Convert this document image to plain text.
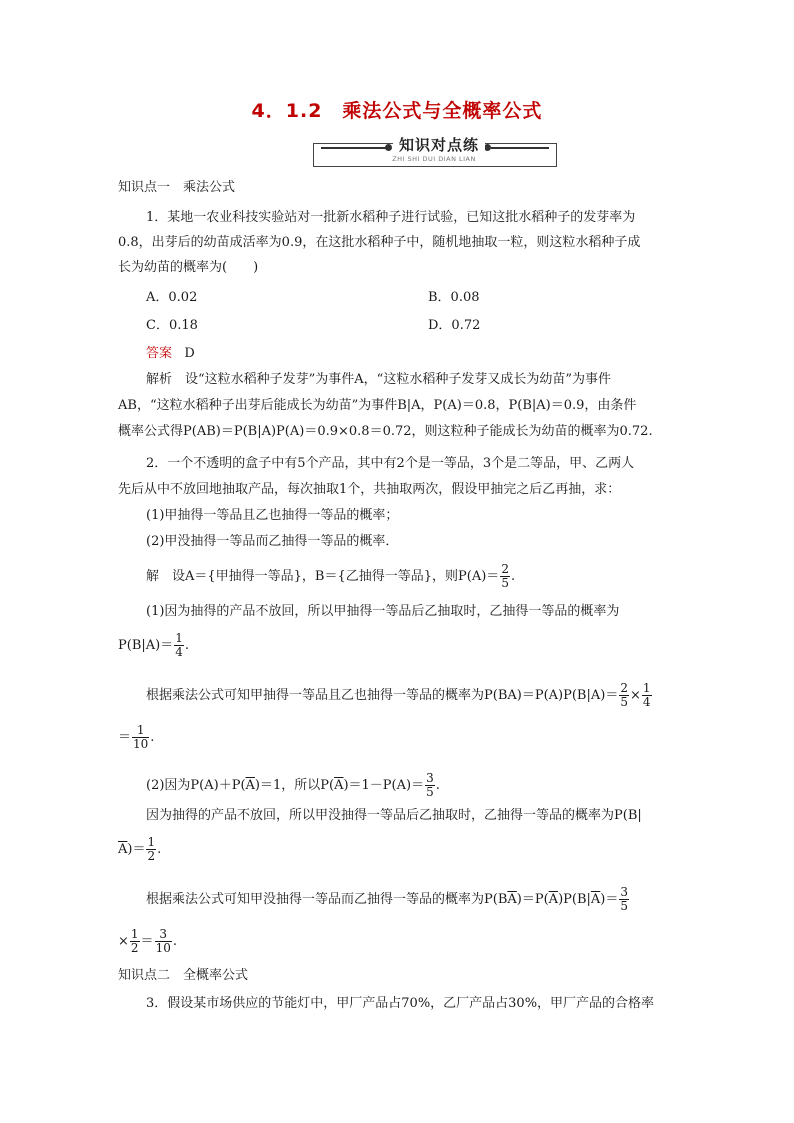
4．1.2　乘法公式与全概率公式
知识对点练
ZHI SHI DUI DIAN LIAN
知识点一　乘法公式
1．某地一农业科技实验站对一批新水稻种子进行试验，已知这批水稻种子的发芽率为
0.8，出芽后的幼苗成活率为0.9，在这批水稻种子中，随机地抽取一粒，则这粒水稻种子成
长为幼苗的概率为(　　)
A．0.02	B．0.08
C．0.18	D．0.72
答案 D
解析　设“这粒水稻种子发芽”为事件A，“这粒水稻种子发芽又成长为幼苗”为事件
AB，“这粒水稻种子出芽后能成长为幼苗”为事件B|A，P(A)＝0.8，P(B|A)＝0.9，由条件
概率公式得P(AB)＝P(B|A)P(A)＝0.9×0.8＝0.72，则这粒种子能成长为幼苗的概率为0.72.
2．一个不透明的盒子中有5个产品，其中有2个是一等品，3个是二等品，甲、乙两人
先后从中不放回地抽取产品，每次抽取1个，共抽取两次，假设甲抽完之后乙再抽，求：
(1)甲抽得一等品且乙也抽得一等品的概率；
(2)甲没抽得一等品而乙抽得一等品的概率．
解　设A＝{甲抽得一等品}，B＝{乙抽得一等品}，则$P(A)= \frac{2}{5}$ .
(1)因为抽得的产品不放回，所以甲抽得一等品后乙抽取时，乙抽得一等品的概率为
$P(B|A)= \frac{1}{4}$ .
根据乘法公式可知甲抽得一等品且乙也抽得一等品的概率为$P(BA)=P(A)P(B|A)= \frac{2}{5} \times \frac{1}{4}$
＝ $\frac{1}{10}$ .
(2)因为$P(A)+P(\overline{A})=1$，所以$P(\overline{A})=1-P(A)= \frac{3}{5}$ .
因为抽得的产品不放回，所以甲没抽得一等品后乙抽取时，乙抽得一等品的概率为P(B|
$\overline{A})= \frac{1}{2}$ .
根据乘法公式可知甲没抽得一等品而乙抽得一等品的概率为$P(B\overline{A})=P(\overline{A})P(B|\overline{A})= \frac{3}{5}$
× $\frac{1}{2} = \frac{3}{10}$ .
知识点二　全概率公式
3．假设某市场供应的节能灯中，甲厂产品占70%，乙厂产品占30%，甲厂产品的合格率
